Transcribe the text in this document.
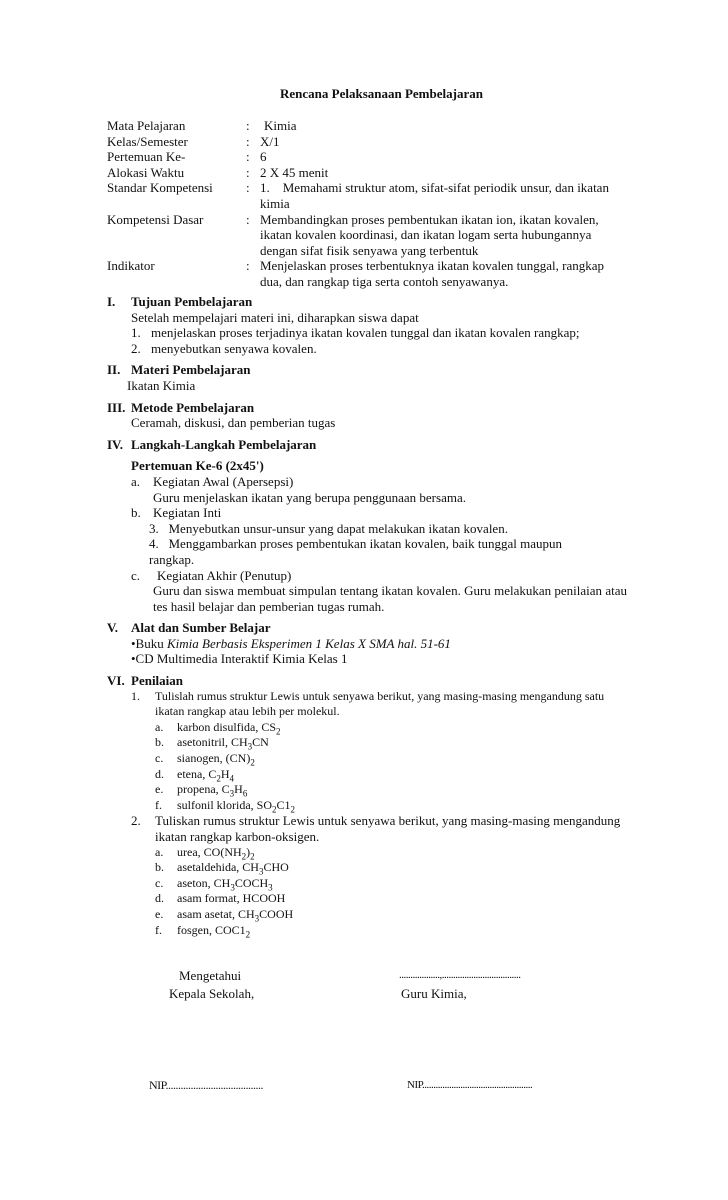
Rencana Pelaksanaan Pembelajaran
Mata Pelajaran	:	Kimia
Kelas/Semester	: X/1
Pertemuan Ke-	: 6
Alokasi Waktu	: 2 X 45 menit
Standar Kompetensi	: 1.    Memahami struktur atom, sifat-sifat periodik unsur, dan ikatan kimia
Kompetensi Dasar	: Membandingkan proses pembentukan ikatan ion, ikatan kovalen, ikatan kovalen koordinasi, dan ikatan logam serta hubungannya dengan sifat fisik senyawa yang terbentuk
Indikator	: Menjelaskan proses terbentuknya ikatan kovalen tunggal, rangkap dua, dan rangkap tiga serta contoh senyawanya.
I.	Tujuan Pembelajaran
Setelah mempelajari materi ini, diharapkan siswa dapat
1. menjelaskan proses terjadinya ikatan kovalen tunggal dan ikatan kovalen rangkap;
2. menyebutkan senyawa kovalen.
II. Materi Pembelajaran
Ikatan Kimia
III. Metode Pembelajaran
Ceramah, diskusi, dan pemberian tugas
IV. Langkah-Langkah Pembelajaran
Pertemuan Ke-6 (2x45')
a. Kegiatan Awal (Apersepsi)
Guru menjelaskan ikatan yang berupa penggunaan bersama.
b. Kegiatan Inti
3.   Menyebutkan unsur-unsur yang dapat melakukan ikatan kovalen.
4.   Menggambarkan proses pembentukan ikatan kovalen, baik tunggal maupun rangkap.
c.	Kegiatan Akhir (Penutup)
Guru dan siswa membuat simpulan tentang ikatan kovalen. Guru melakukan penilaian atau tes hasil belajar dan pemberian tugas rumah.
V.	Alat dan Sumber Belajar
•Buku Kimia Berbasis Eksperimen 1 Kelas X SMA hal. 51-61
•CD Multimedia Interaktif Kimia Kelas 1
VI. Penilaian
1.	Tulislah rumus struktur Lewis untuk senyawa berikut, yang masing-masing mengandung satu ikatan rangkap atau lebih per molekul.
a.	karbon disulfida, $CS_2$
b.	asetonitril, $CH_3CN$
c.	sianogen, $(CN)_2$
d.	etena, $C_2H_4$
e.	propena, $C_3H_6$
f.	sulfonil klorida, $SO_2C1_2$
2.	Tuliskan rumus struktur Lewis untuk senyawa berikut, yang masing-masing mengandung ikatan rangkap karbon-oksigen.
a.	urea, $CO(NH_2)_2$
b.	asetaldehida, $CH_3CHO$
c.	aseton, $CH_3COCH_3$
d.	asam format, HCOOH
e.	asam asetat, $CH_3COOH$
f.	fosgen, $COC1_2$
Mengetahui
Kepala Sekolah,
..................,...................................
Guru Kimia,
NIP.......................................	NIP.................................................
